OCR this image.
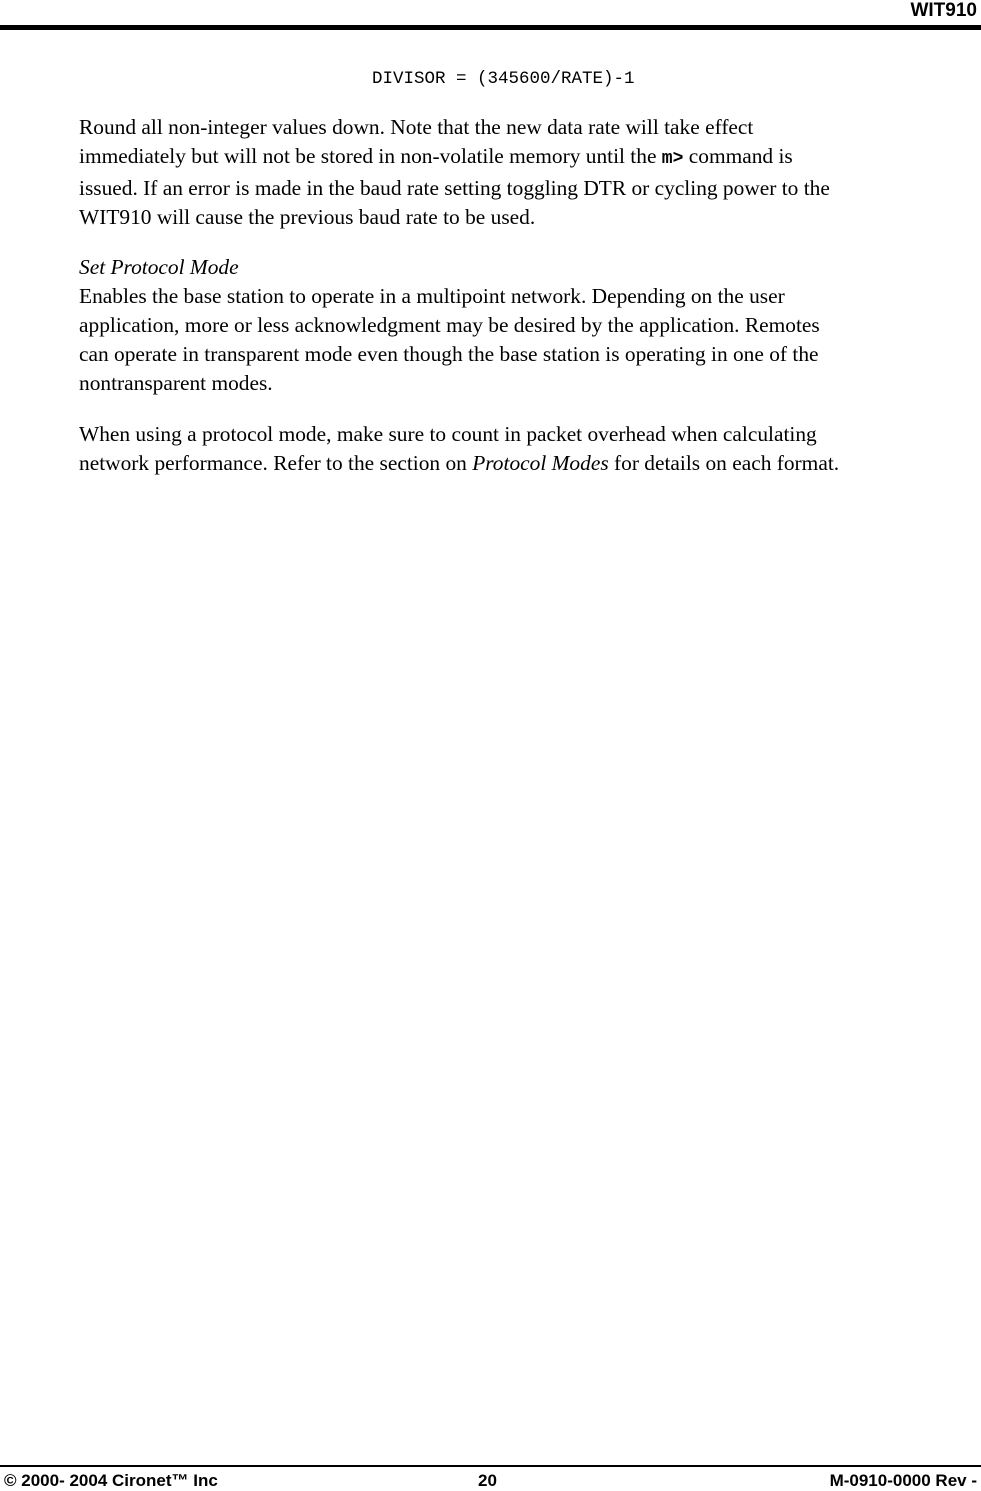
WIT910
DIVISOR = (345600/RATE)-1
Round all non-integer values down. Note that the new data rate will take effect
immediately but will not be stored in non-volatile memory until the m> command is
issued. If an error is made in the baud rate setting toggling DTR or cycling power to the
WIT910 will cause the previous baud rate to be used.
Set Protocol Mode
Enables the base station to operate in a multipoint network. Depending on the user
application, more or less acknowledgment may be desired by the application. Remotes
can operate in transparent mode even though the base station is operating in one of the
nontransparent modes.
When using a protocol mode, make sure to count in packet overhead when calculating
network performance. Refer to the section on Protocol Modes for details on each format.
© 2000- 2004 Cironet™ Inc	20	M-0910-0000 Rev -
